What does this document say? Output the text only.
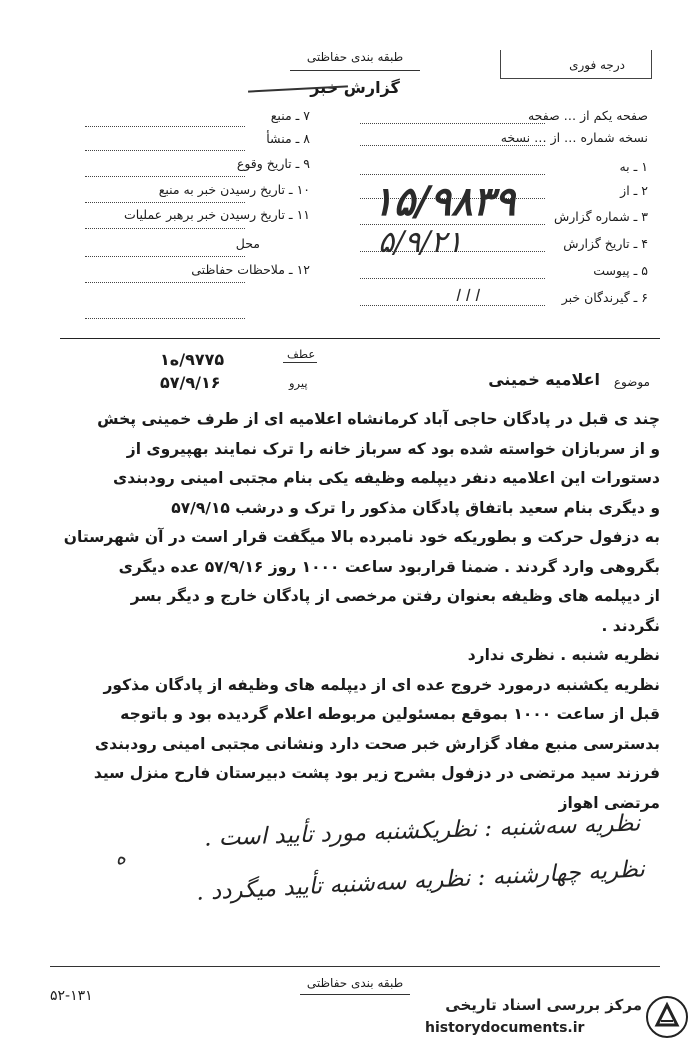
طبقه بندی حفاظتی
درجه فوری
گزارش خبر
صفحه یکم از … صفحه
نسخه شماره … از … نسخه
۱ ـ به
۲ ـ از
۳ ـ شماره گزارش
۴ ـ تاریخ گزارش
۵ ـ پیوست
۶ ـ گیرندگان خبر
۷ ـ منبع
۸ ـ منشأ
۹ ـ تاریخ وقوع
۱۰ ـ تاریخ رسیدن خبر به منبع
۱۱ ـ تاریخ رسیدن خبر برهبر عملیات
محل
۱۲ ـ ملاحظات حفاظتی
۱۵/۹۸۳۹
۵/۹/۲۱
ا ا ا
عطف
پیرو
۹۷۷۵/ه۱
۵۷/۹/۱۶	موضوع
اعلامیه خمینی
چند ی قبل در پادگان حاجی آباد کرمانشاه اعلامیه ای از طرف خمینی پخش
و از سربازان خواسته شده بود که سرباز خانه را ترک نمایند بهپیروی از
دستورات این اعلامیه دنفر دیپلمه وظیفه یکی بنام مجتبی امینی رودبندی
و دیگری بنام سعید باتفاق پادگان مذکور را ترک و درشب ۵۷/۹/۱۵
به دزفول حرکت و بطوریکه خود نامبرده بالا میگفت قرار است در آن شهرستان
بگروهی وارد گردند . ضمنا قراربود ساعت ۱۰۰۰ روز ۵۷/۹/۱۶ عده دیگری
از دیپلمه های وظیفه بعنوان رفتن مرخصی از پادگان خارج و دیگر بسر
نگردند .
نظریه شنبه . نظری ندارد
نظریه یکشنبه درمورد خروج عده ای از دیپلمه های وظیفه از پادگان مذکور
قبل از ساعت ۱۰۰۰ بموقع بمسئولین مربوطه اعلام گردیده بود و باتوجه
بدسترسی منبع مفاد گزارش خبر صحت دارد ونشانی مجتبی امینی رودبندی
فرزند سید مرتضی در دزفول بشرح زیر بود پشت دبیرستان فارح منزل سید
مرتضی اهواز
نظریه سه‌شنبه : نظریکشنبه مورد تأیید است .
نظریه چهارشنبه : نظریه سه‌شنبه تأیید میگردد .
ه
طبقه بندی حفاظتی
۵۲-۱۳۱	مرکز بررسی اسناد تاریخی
historydocuments.ir
